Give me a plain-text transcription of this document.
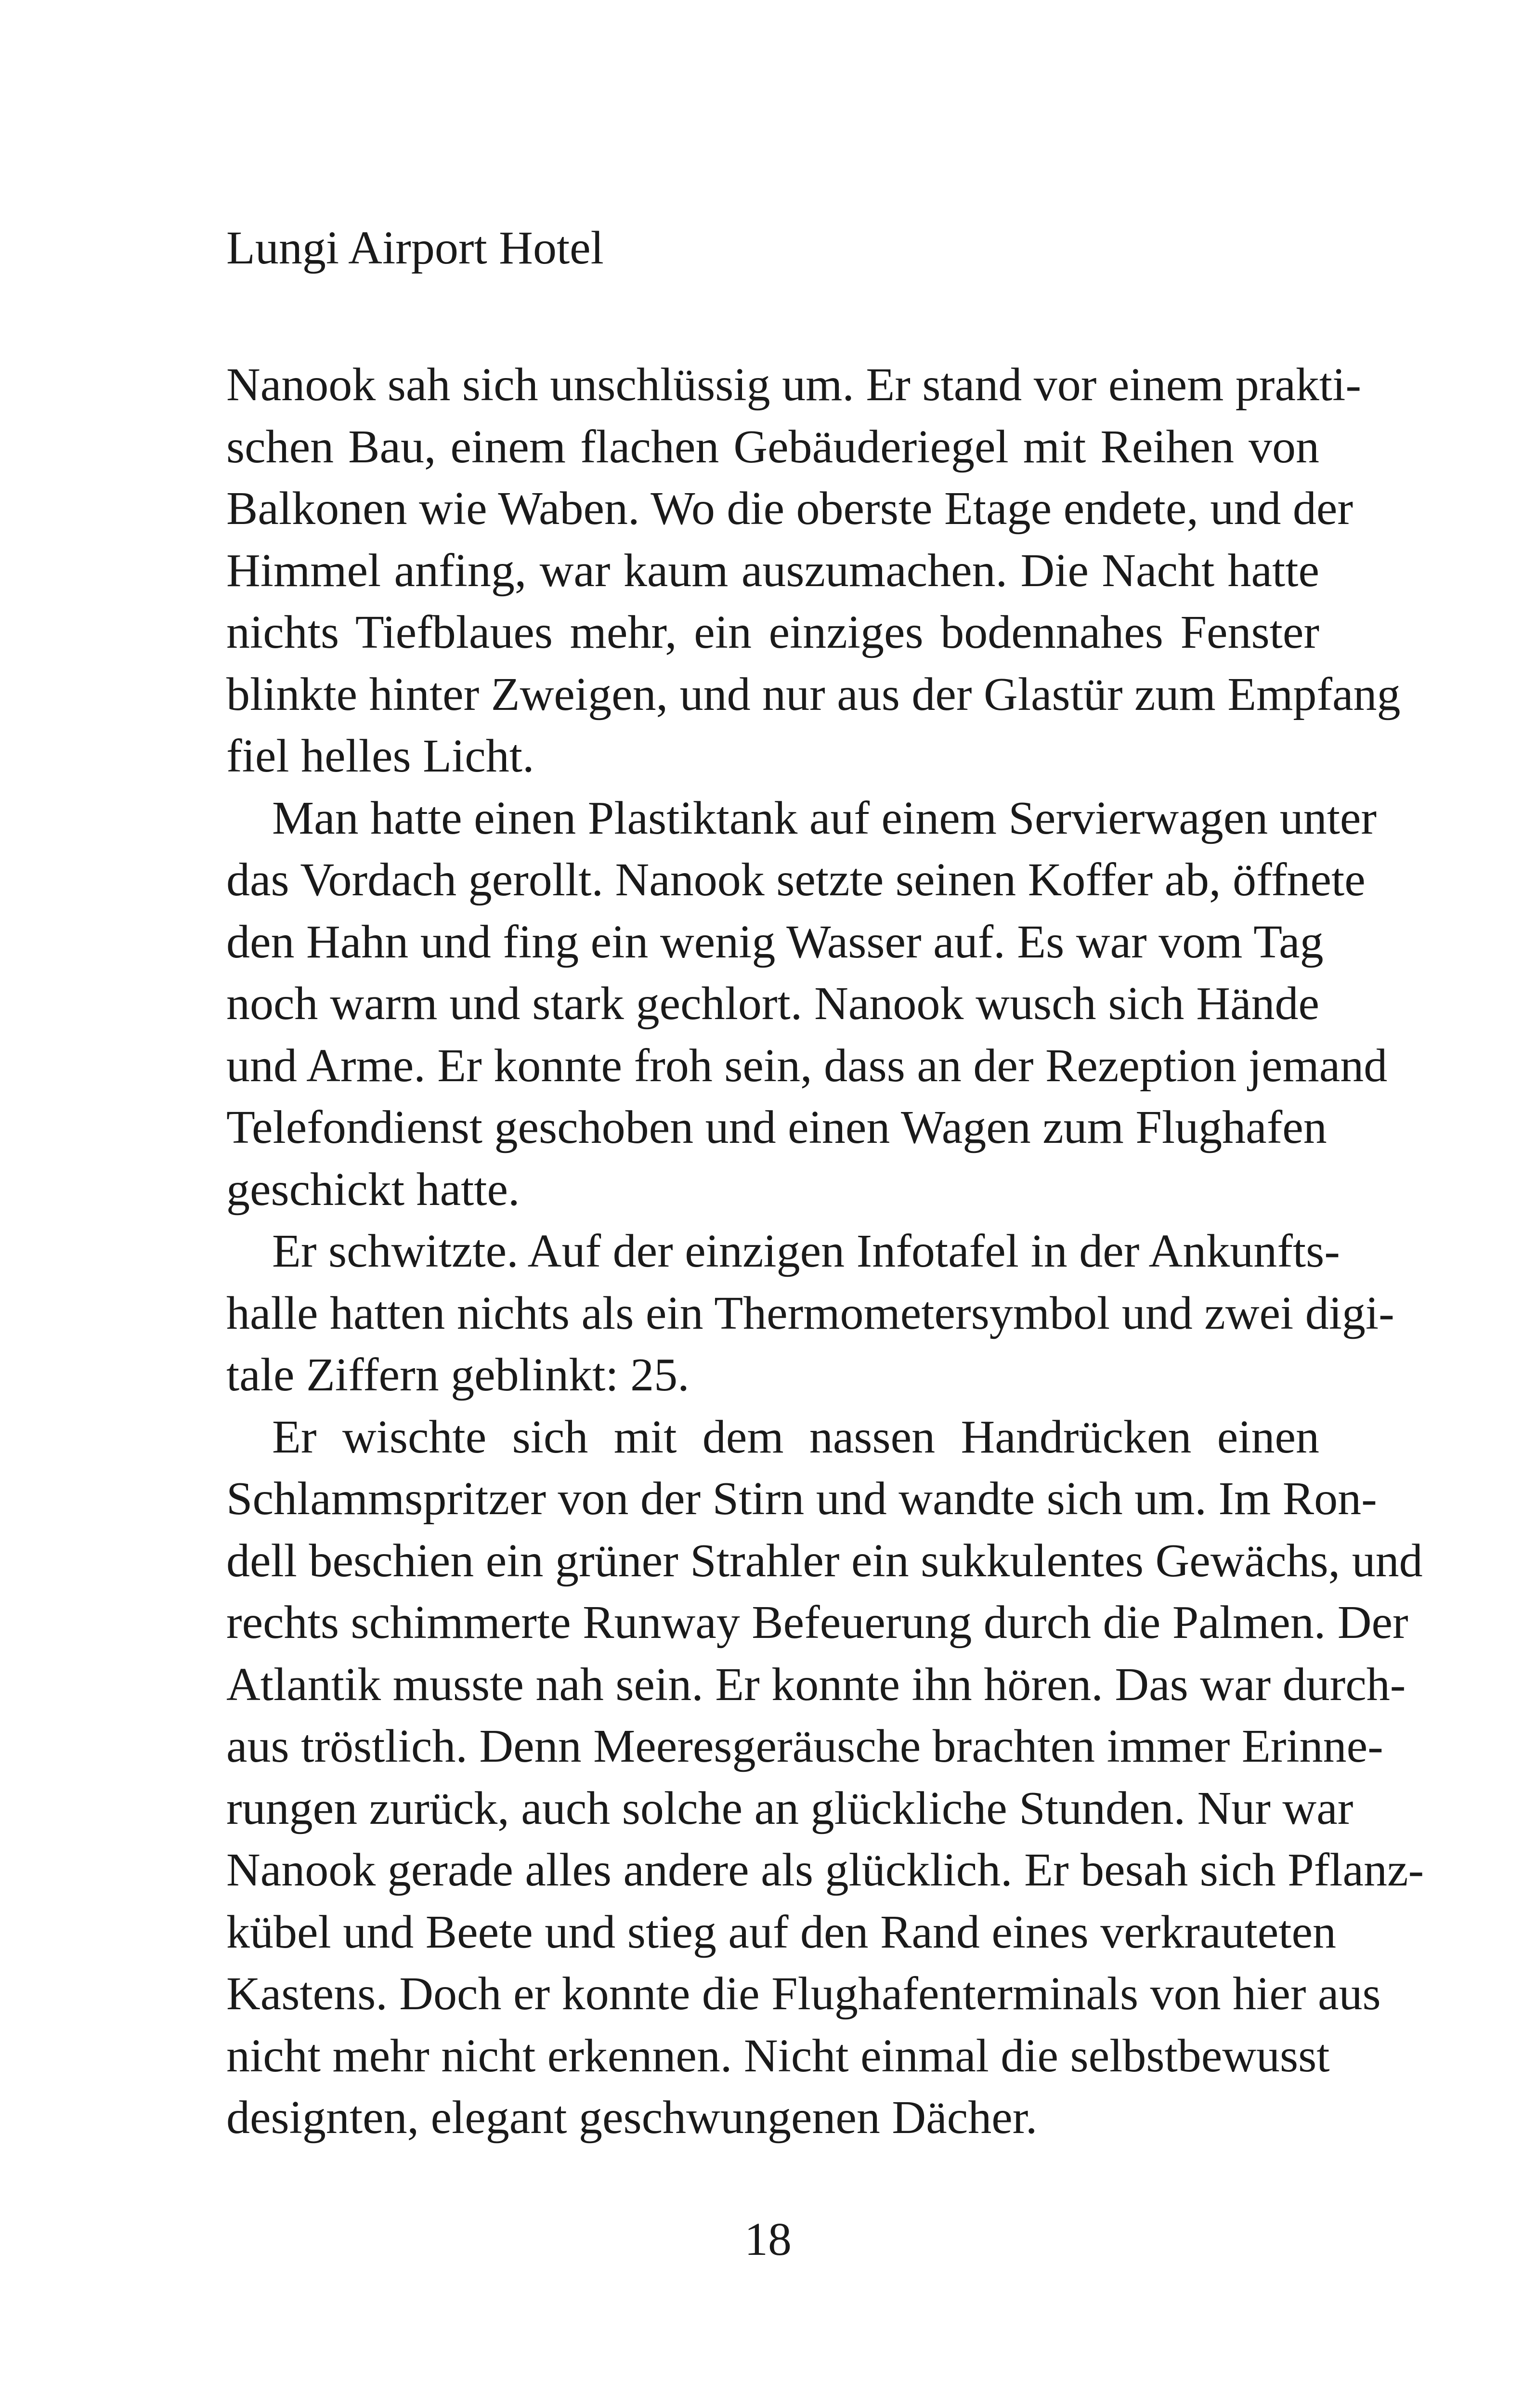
Lungi Airport Hotel

Nanook sah sich unschlüssig um. Er stand vor einem prakti-
schen Bau, einem flachen Gebäuderiegel mit Reihen von
Balkonen wie Waben. Wo die oberste Etage endete, und der
Himmel anfing, war kaum auszumachen. Die Nacht hatte
nichts Tiefblaues mehr, ein einziges bodennahes Fenster
blinkte hinter Zweigen, und nur aus der Glastür zum Empfang
fiel helles Licht.

Man hatte einen Plastiktank auf einem Servierwagen unter
das Vordach gerollt. Nanook setzte seinen Koffer ab, öffnete
den Hahn und fing ein wenig Wasser auf. Es war vom Tag
noch warm und stark gechlort. Nanook wusch sich Hände
und Arme. Er konnte froh sein, dass an der Rezeption jemand
Telefondienst geschoben und einen Wagen zum Flughafen
geschickt hatte.

Er schwitzte. Auf der einzigen Infotafel in der Ankunfts-
halle hatten nichts als ein Thermometersymbol und zwei digi-
tale Ziffern geblinkt: 25.

Er wischte sich mit dem nassen Handrücken einen
Schlammspritzer von der Stirn und wandte sich um. Im Ron-
dell beschien ein grüner Strahler ein sukkulentes Gewächs, und
rechts schimmerte Runway Befeuerung durch die Palmen. Der
Atlantik musste nah sein. Er konnte ihn hören. Das war durch-
aus tröstlich. Denn Meeresgeräusche brachten immer Erinne-
rungen zurück, auch solche an glückliche Stunden. Nur war
Nanook gerade alles andere als glücklich. Er besah sich Pflanz-
kübel und Beete und stieg auf den Rand eines verkrauteten
Kastens. Doch er konnte die Flughafenterminals von hier aus
nicht mehr nicht erkennen. Nicht einmal die selbstbewusst
designten, elegant geschwungenen Dächer.

18
